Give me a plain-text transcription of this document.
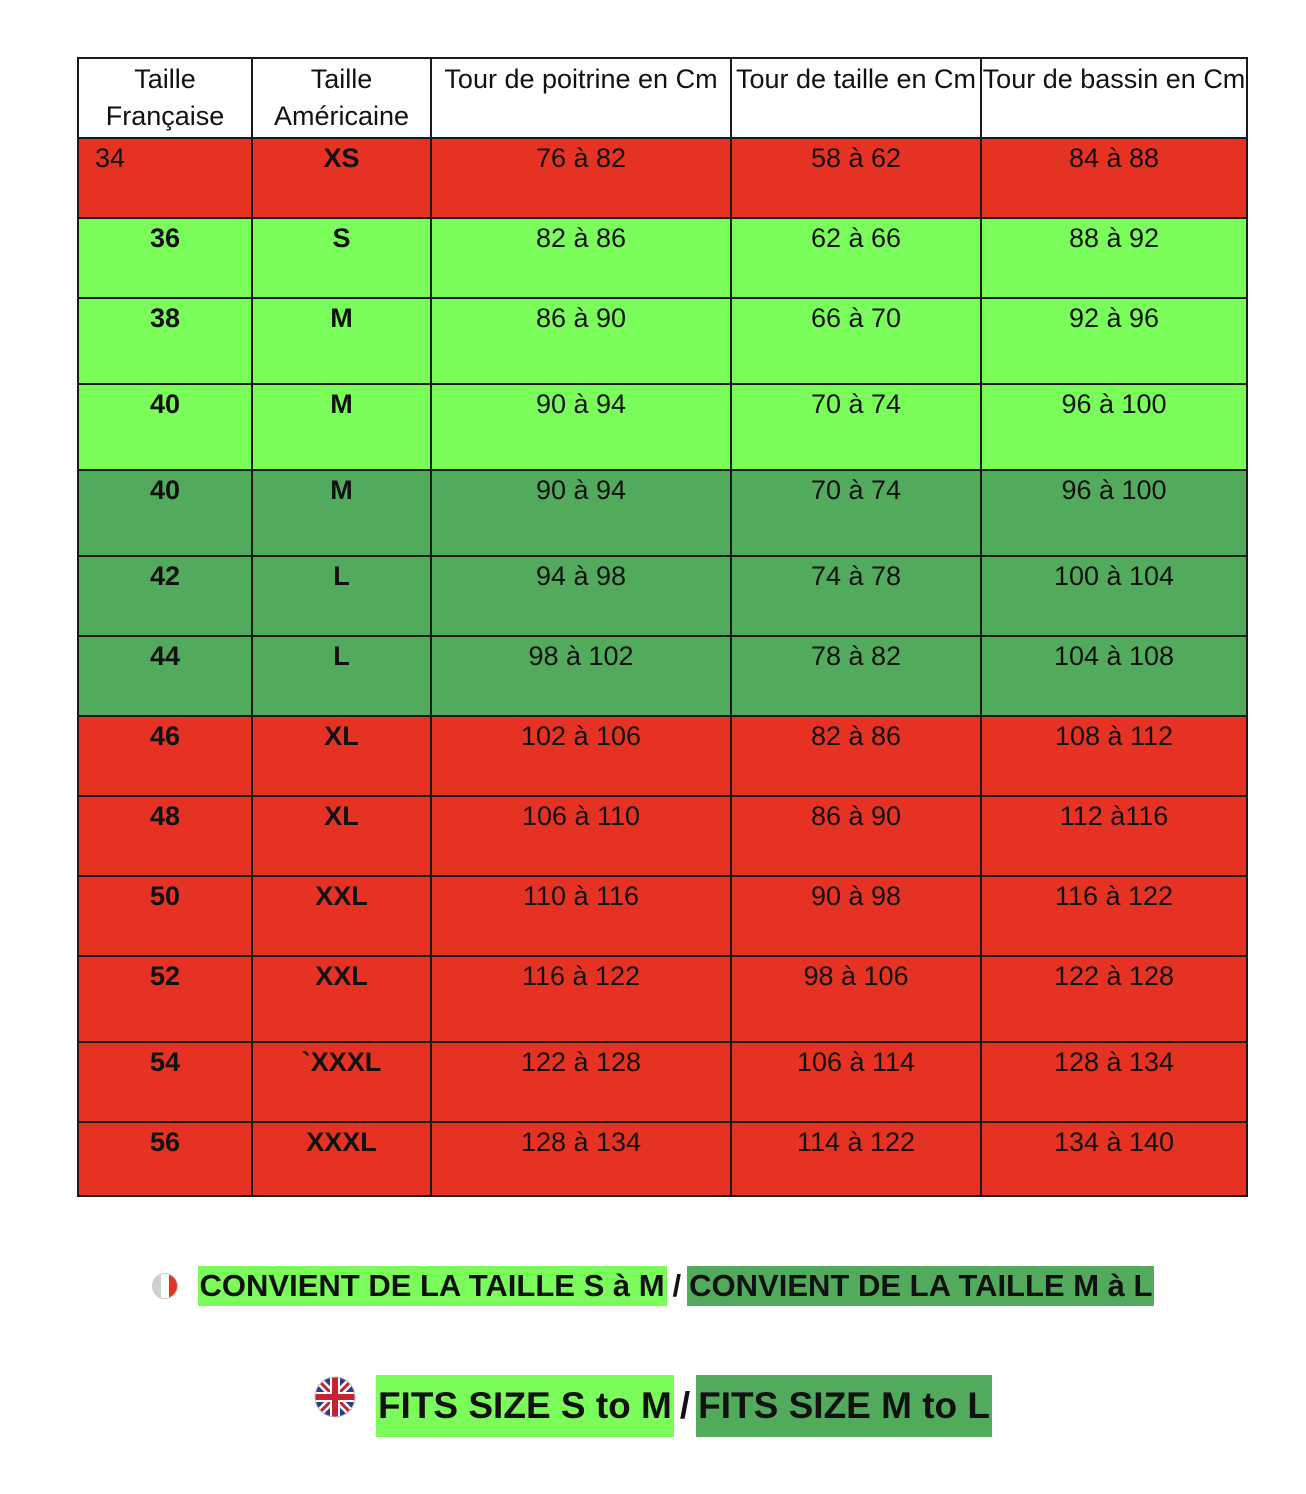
Taille Française	Taille Américaine	Tour de poitrine en Cm	Tour de taille en Cm	Tour de bassin en Cm
34	XS	76 à 82	58 à 62	84 à 88
36	S	82 à 86	62 à 66	88 à 92
38	M	86 à 90	66 à 70	92 à 96
40	M	90 à 94	70 à 74	96 à 100
40	M	90 à 94	70 à 74	96 à 100
42	L	94 à 98	74 à 78	100 à 104
44	L	98 à 102	78 à 82	104 à 108
46	XL	102 à 106	82 à 86	108 à 112
48	XL	106 à 110	86 à 90	112 à116
50	XXL	110 à 116	90 à 98	116 à 122
52	XXL	116 à 122	98 à 106	122 à 128
54	`XXXL	122 à 128	106 à 114	128 à 134
56	XXXL	128 à 134	114 à 122	134 à 140
CONVIENT DE LA TAILLE S à M / CONVIENT DE LA TAILLE M à L
FITS SIZE S to M / FITS SIZE M to L
